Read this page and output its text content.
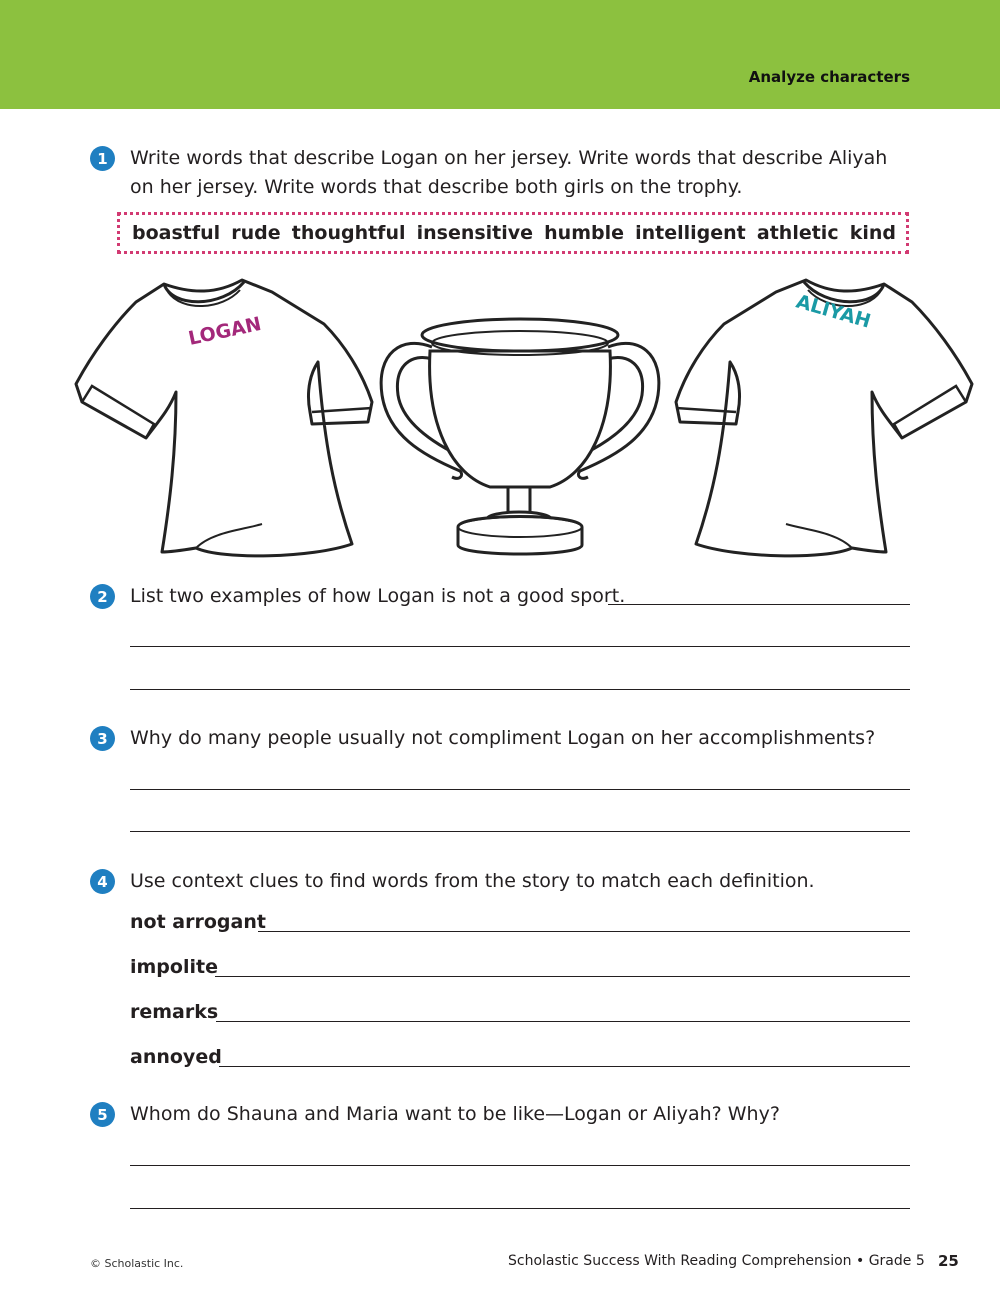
Analyze characters
1	Write words that describe Logan on her jersey. Write words that describe Aliyah
on her jersey. Write words that describe both girls on the trophy.
boastful rude thoughtful insensitive humble intelligent athletic kind
LOGAN	ALIYAH
2	List two examples of how Logan is not a good sport.
3	Why do many people usually not compliment Logan on her accomplishments?
4	Use context clues to find words from the story to match each definition.
not arrogant
impolite
remarks
annoyed
5	Whom do Shauna and Maria want to be like—Logan or Aliyah? Why?
© Scholastic Inc.	Scholastic Success With Reading Comprehension • Grade 5 25
